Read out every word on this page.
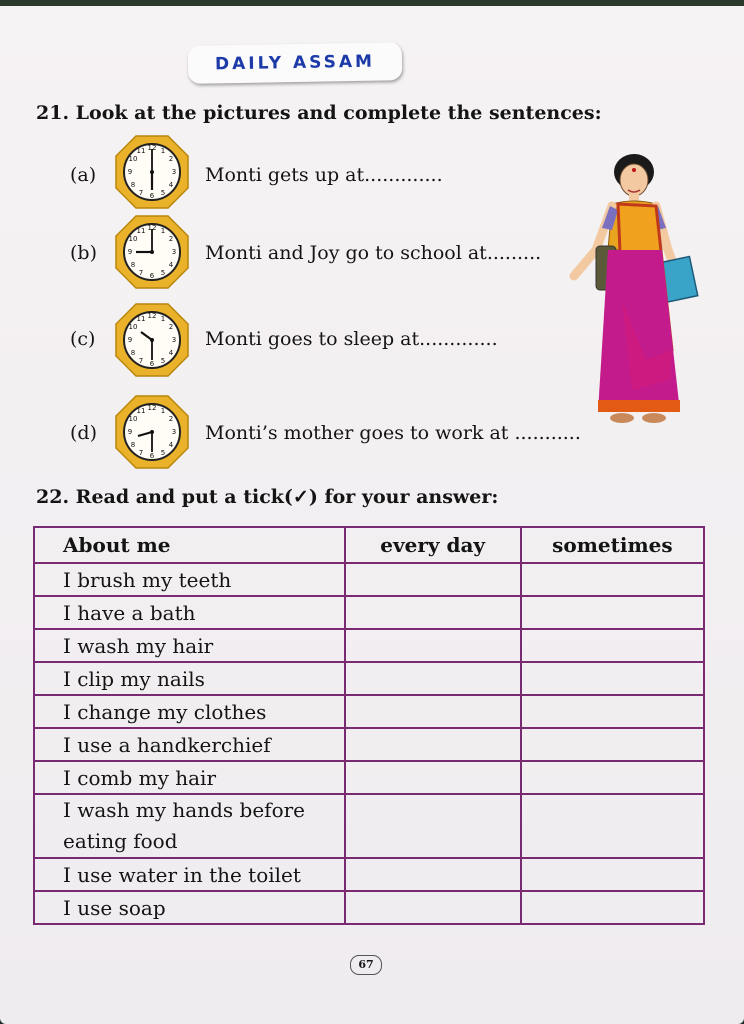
DAILY ASSAM
21. Look at the pictures and complete the sentences:
(a)
12 1
2
3
4
5
6
7
8
9
10
11
Monti gets up at.............
(b)
12 1
2
3
4
5
6
7
8
9
10
11
Monti and Joy go to school at.........
(c)
12 1
2
3
4
5
6
7
8
9
10
11
Monti goes to sleep at.............
(d)
12 1
2
3
4
5
6
7
8
9
10
11
Monti’s mother goes to work at ...........
22. Read and put a tick(✓) for your answer:
About me	every day	sometimes
I brush my teeth		
I have a bath		
I wash my hair		
I clip my nails		
I change my clothes		
I use a handkerchief		
I comb my hair		
I wash my hands before eating food		
I use water in the toilet		
I use soap		
67
